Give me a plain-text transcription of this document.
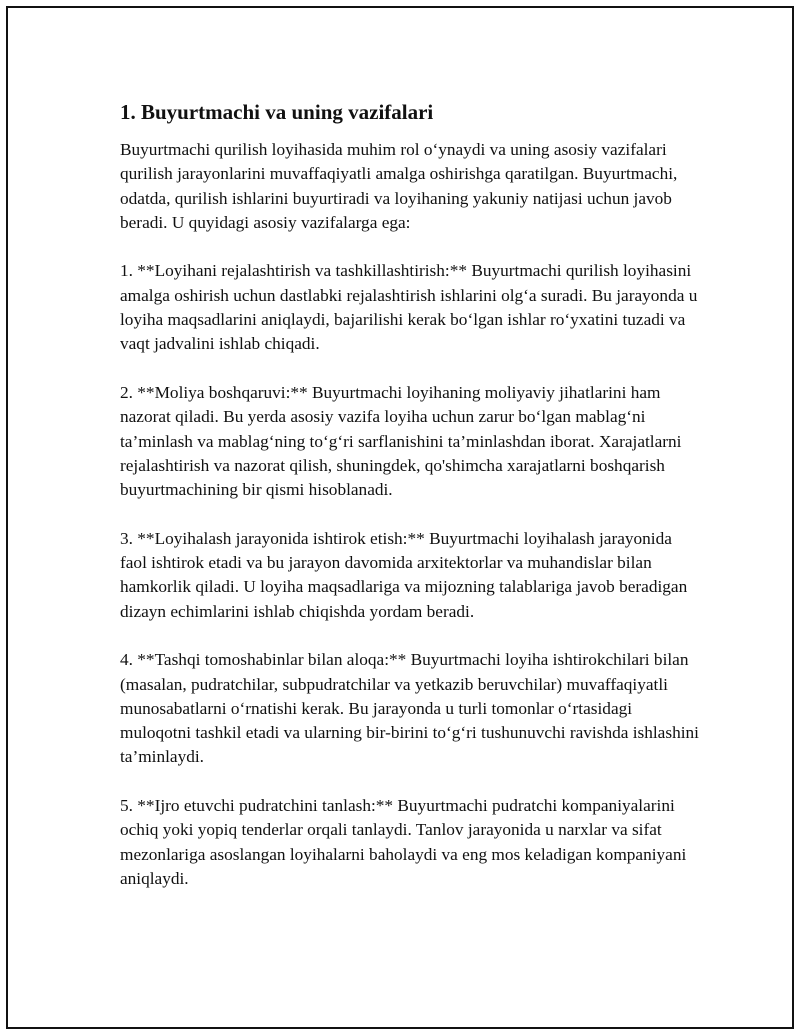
1. Buyurtmachi va uning vazifalari

Buyurtmachi qurilish loyihasida muhim rol o‘ynaydi va uning asosiy vazifalari qurilish jarayonlarini muvaffaqiyatli amalga oshirishga qaratilgan. Buyurtmachi, odatda, qurilish ishlarini buyurtiradi va loyihaning yakuniy natijasi uchun javob beradi. U quyidagi asosiy vazifalarga ega:

1. **Loyihani rejalashtirish va tashkillashtirish:** Buyurtmachi qurilish loyihasini amalga oshirish uchun dastlabki rejalashtirish ishlarini olg‘a suradi. Bu jarayonda u loyiha maqsadlarini aniqlaydi, bajarilishi kerak bo‘lgan ishlar ro‘yxatini tuzadi va vaqt jadvalini ishlab chiqadi.

2. **Moliya boshqaruvi:** Buyurtmachi loyihaning moliyaviy jihatlarini ham nazorat qiladi. Bu yerda asosiy vazifa loyiha uchun zarur bo‘lgan mablag‘ni ta’minlash va mablag‘ning to‘g‘ri sarflanishini ta’minlashdan iborat. Xarajatlarni rejalashtirish va nazorat qilish, shuningdek, qo'shimcha xarajatlarni boshqarish buyurtmachining bir qismi hisoblanadi.

3. **Loyihalash jarayonida ishtirok etish:** Buyurtmachi loyihalash jarayonida faol ishtirok etadi va bu jarayon davomida arxitektorlar va muhandislar bilan hamkorlik qiladi. U loyiha maqsadlariga va mijozning talablariga javob beradigan dizayn echimlarini ishlab chiqishda yordam beradi.

4. **Tashqi tomoshabinlar bilan aloqa:** Buyurtmachi loyiha ishtirokchilari bilan (masalan, pudratchilar, subpudratchilar va yetkazib beruvchilar) muvaffaqiyatli munosabatlarni o‘rnatishi kerak. Bu jarayonda u turli tomonlar o‘rtasidagi muloqotni tashkil etadi va ularning bir-birini to‘g‘ri tushunuvchi ravishda ishlashini ta’minlaydi.

5. **Ijro etuvchi pudratchini tanlash:** Buyurtmachi pudratchi kompaniyalarini ochiq yoki yopiq tenderlar orqali tanlaydi. Tanlov jarayonida u narxlar va sifat mezonlariga asoslangan loyihalarni baholaydi va eng mos keladigan kompaniyani aniqlaydi.
